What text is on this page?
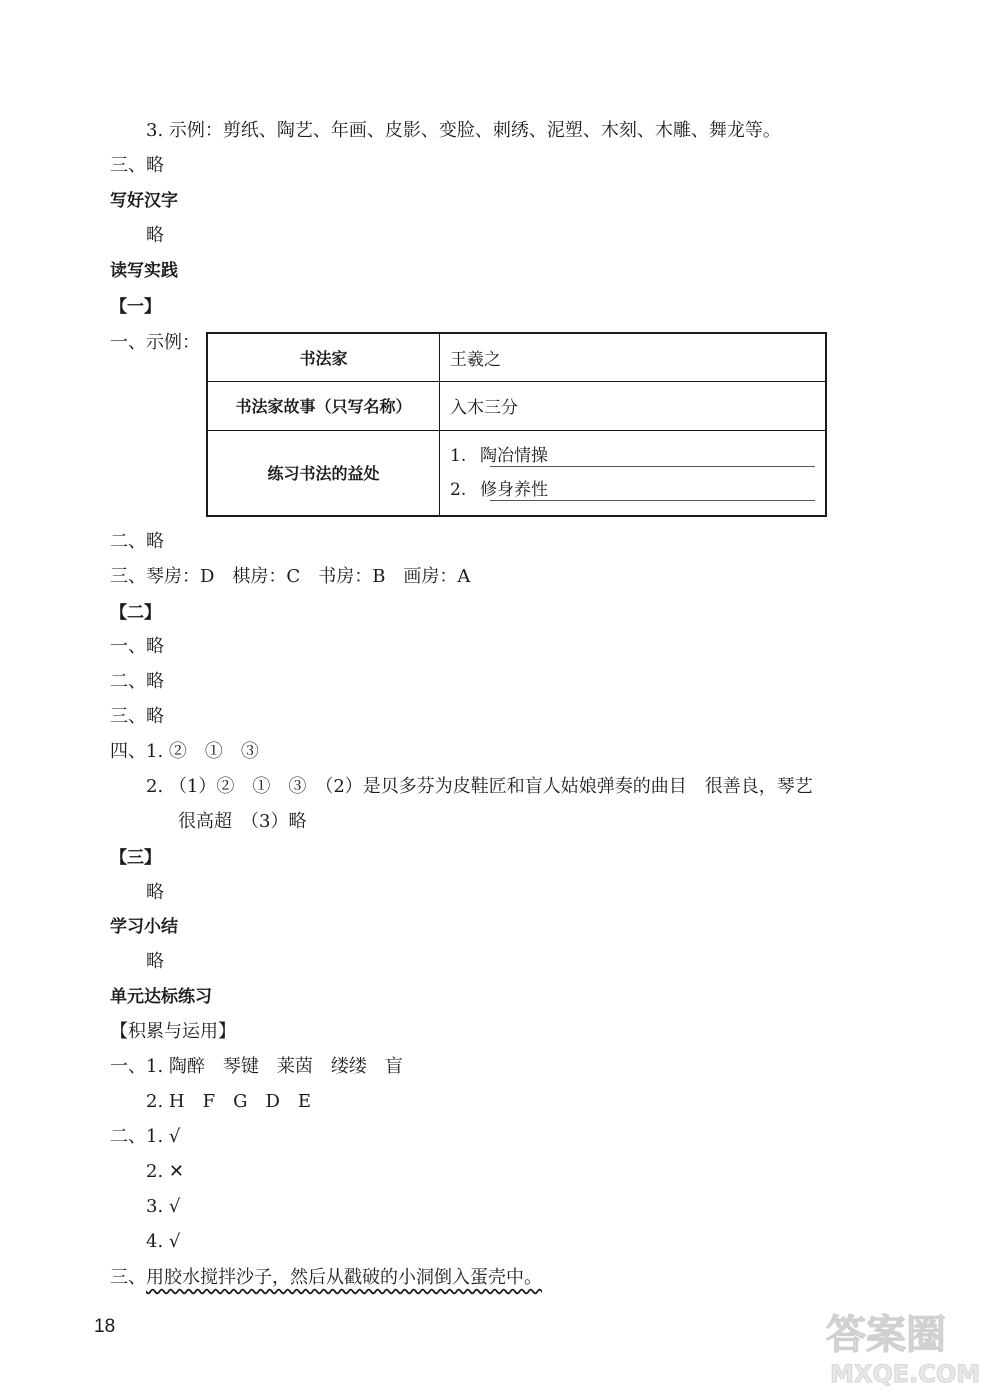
3. 示例：剪纸、陶艺、年画、皮影、变脸、刺绣、泥塑、木刻、木雕、舞龙等。
三、略
写好汉字
略
读写实践
【一】
一、示例：
书法家	王羲之
书法家故事（只写名称）	入木三分
练习书法的益处	1. 陶冶情操
2. 修身养性
二、略
三、琴房：D　棋房：C　书房：B　画房：A
【二】
一、略
二、略
三、略
四、1. ②　①　③
2. （1）②　①　③　（2）是贝多芬为皮鞋匠和盲人姑娘弹奏的曲目　很善良，琴艺
很高超　（3）略
【三】
略
学习小结
略
单元达标练习
【积累与运用】
一、1. 陶醉　琴键　莱茵　缕缕　盲
2. H　F　G　D　E
二、1. √
2. ✕
3. √
4. √
三、用胶水搅拌沙子，然后从戳破的小洞倒入蛋壳中。
18	答案圈
MXQE.COM
